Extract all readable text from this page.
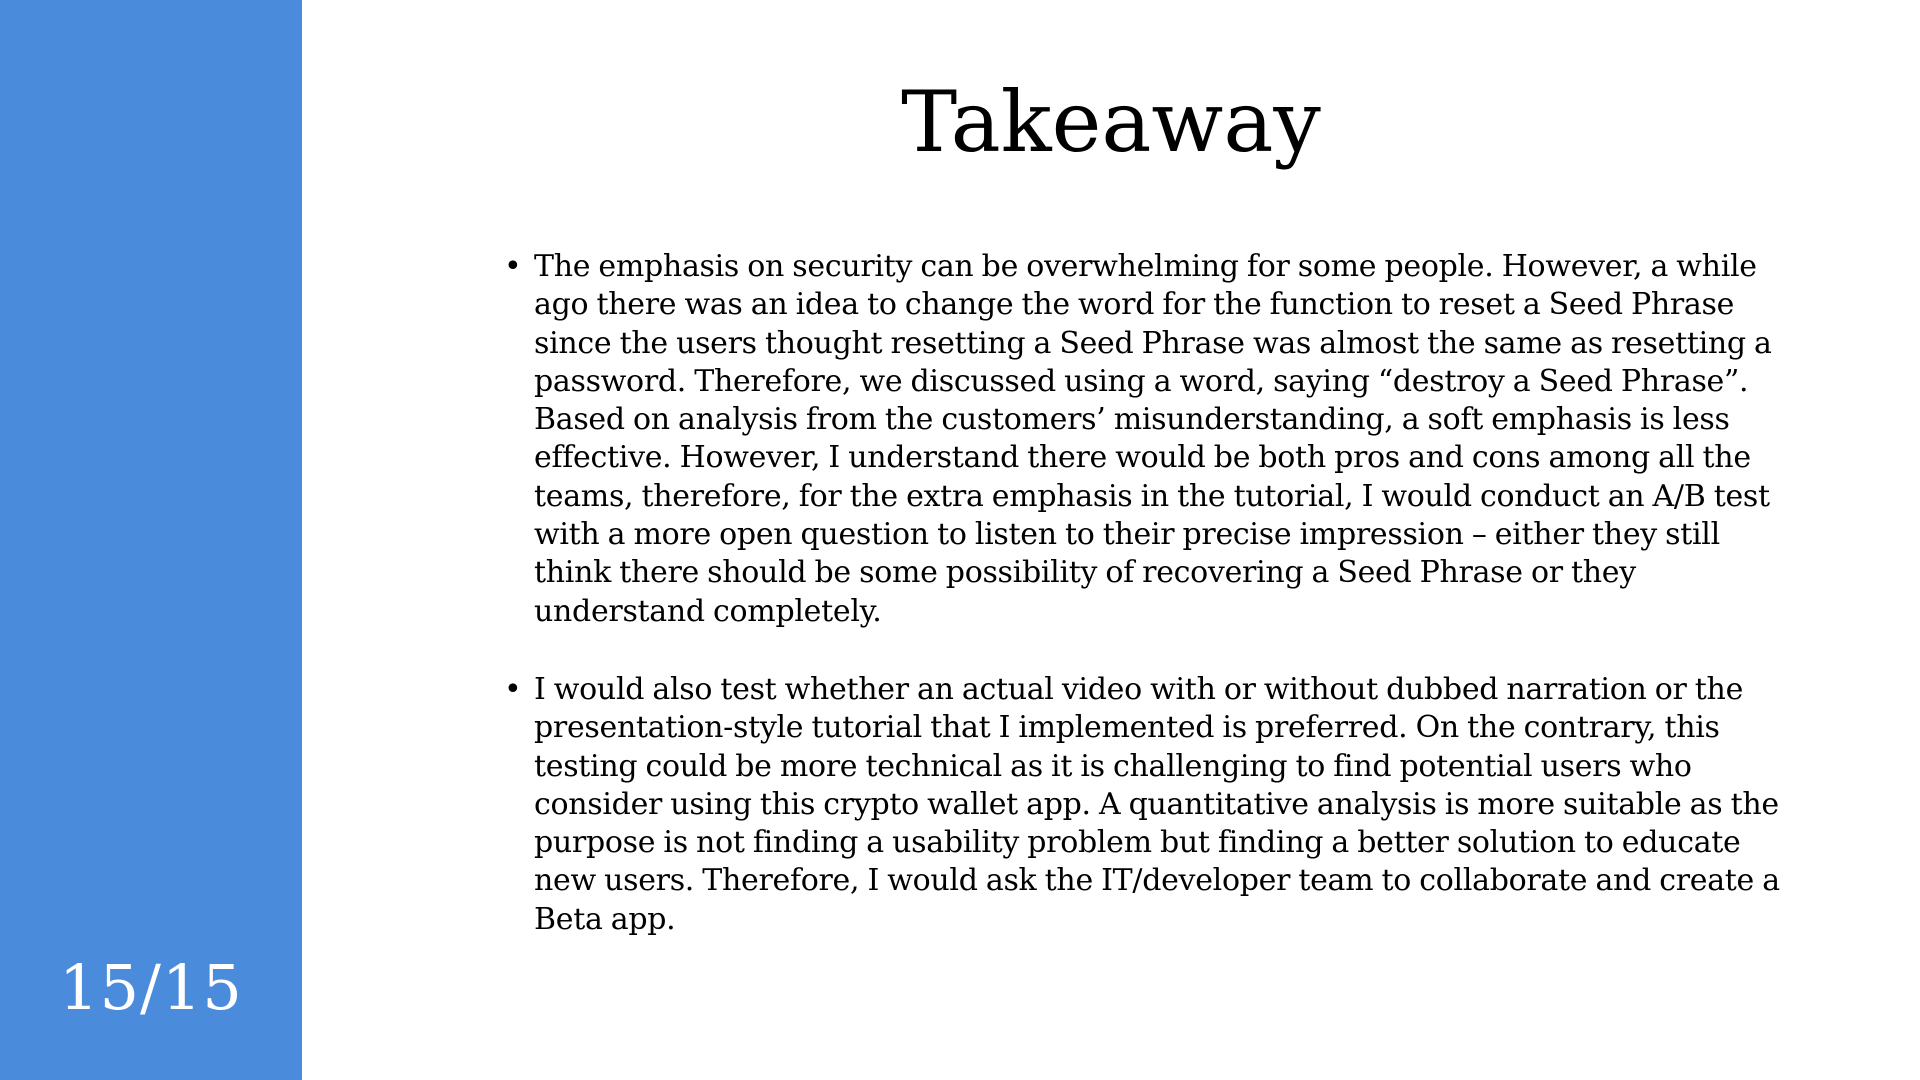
15/15
Takeaway
• The emphasis on security can be overwhelming for some people. However, a while ago there was an idea to change the word for the function to reset a Seed Phrase since the users thought resetting a Seed Phrase was almost the same as resetting a password. Therefore, we discussed using a word, saying “destroy a Seed Phrase”. Based on analysis from the customers’ misunderstanding, a soft emphasis is less effective. However, I understand there would be both pros and cons among all the teams, therefore, for the extra emphasis in the tutorial, I would conduct an A/B test with a more open question to listen to their precise impression – either they still think there should be some possibility of recovering a Seed Phrase or they understand completely.
• I would also test whether an actual video with or without dubbed narration or the presentation-style tutorial that I implemented is preferred. On the contrary, this testing could be more technical as it is challenging to find potential users who consider using this crypto wallet app. A quantitative analysis is more suitable as the purpose is not finding a usability problem but finding a better solution to educate new users. Therefore, I would ask the IT/developer team to collaborate and create a Beta app.
